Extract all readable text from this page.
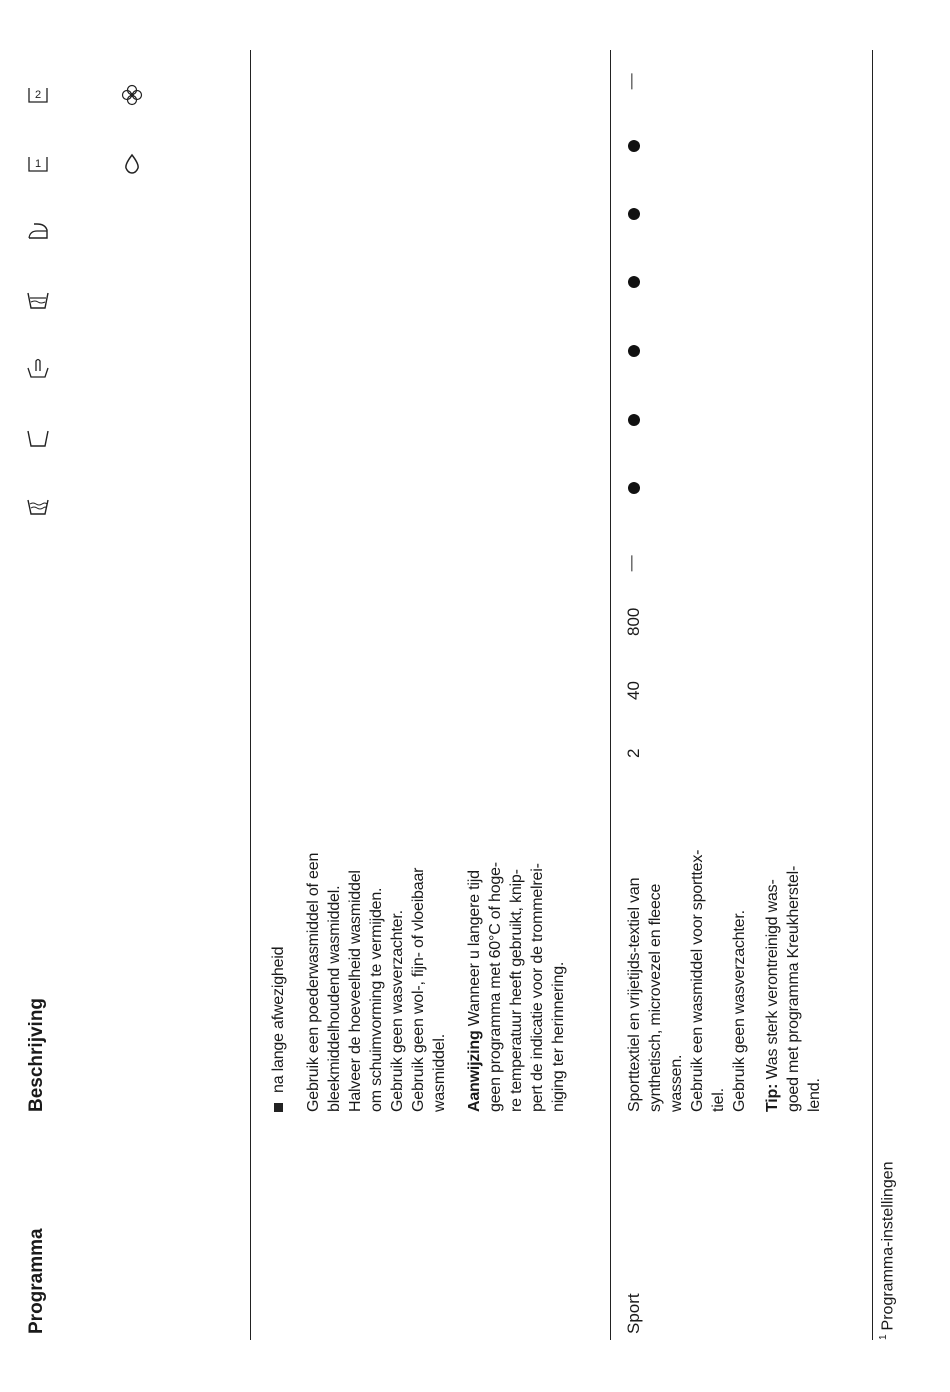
Programma
Beschrijving
1
2

na lange afwezigheid Gebruik een poederwasmiddel of een bleekmiddelhoudend wasmiddel. Halveer de hoeveelheid wasmiddel om schuimvorming te vermijden. Gebruik geen wasverzachter. Gebruik geen wol-, fijn- of vloeibaar wasmiddel. Aanwijzing Wanneer u langere tijd geen programma met 60°C of hoge- re temperatuur heeft gebruikt, knip- pert de indicatie voor de trommelrei- niging ter herinnering.

Sport

Sporttextiel en vrijetijds-textiel van synthetisch, microvezel en fleece wassen. Gebruik een wasmiddel voor sporttex- tiel. Gebruik geen wasverzachter. Tip: Was sterk verontreinigd was- goed met programma Kreukherstel- lend.

2
40
800
$^1$Programma-instellingen
